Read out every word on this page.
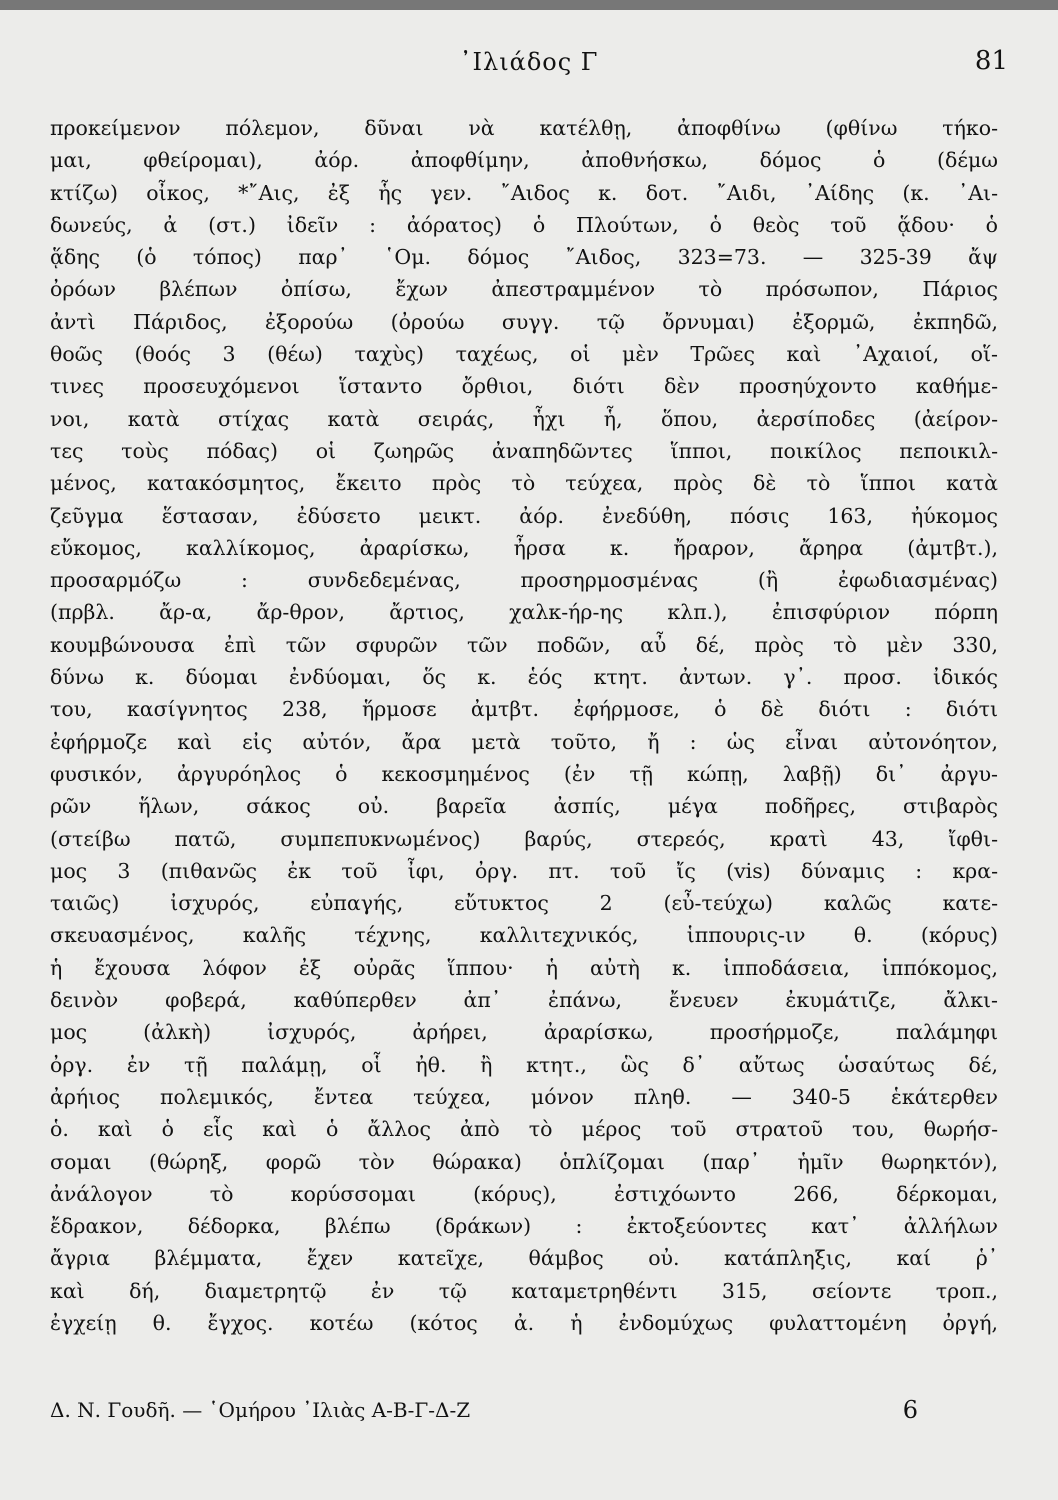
᾿Ιλιάδος Γ	81
προκείμενον πόλεμον, δῦναι νὰ κατέλθῃ, ἀποφθίνω (φθίνω τήκο-
μαι, φθείρομαι), ἀόρ. ἀποφθίμην, ἀποθνήσκω, δόμος ὁ (δέμω
κτίζω) οἶκος, *῎Αις, ἐξ ἧς γεν. ῎Αιδος κ. δοτ. ῎Αιδι, ᾿Αίδης (κ. ᾿Αι-
δωνεύς, ἀ (στ.) ἰδεῖν : ἀόρατος) ὁ Πλούτων, ὁ θεὸς τοῦ ᾅδου· ὁ
ᾅδης (ὁ τόπος) παρ᾿ ῾Ομ. δόμος ῎Αιδος, 323=73. — 325-39 ἄψ
ὀρόων βλέπων ὀπίσω, ἔχων ἀπεστραμμένον τὸ πρόσωπον, Πάριος
ἀντὶ Πάριδος, ἐξορούω (ὀρούω συγγ. τῷ ὄρνυμαι) ἐξορμῶ, ἐκπηδῶ,
θοῶς (θοός 3 (θέω) ταχὺς) ταχέως, οἱ μὲν Τρῶες καὶ ᾿Αχαιοί, οἵ-
τινες προσευχόμενοι ἵσταντο ὄρθιοι, διότι δὲν προσηύχοντο καθήμε-
νοι, κατὰ στίχας κατὰ σειράς, ἧχι ἧ, ὅπου, ἀερσίποδες (ἀείρον-
τες τοὺς πόδας) οἱ ζωηρῶς ἀναπηδῶντες ἵπποι, ποικίλος πεποικιλ-
μένος, κατακόσμητος, ἔκειτο πρὸς τὸ τεύχεα, πρὸς δὲ τὸ ἵπποι κατὰ
ζεῦγμα ἕστασαν, ἐδύσετο μεικτ. ἀόρ. ἐνεδύθη, πόσις 163, ἠύκομος
εὔκομος, καλλίκομος, ἀραρίσκω, ἦρσα κ. ἤραρον, ἄρηρα (ἀμτβτ.),
προσαρμόζω : συνδεδεμένας, προσηρμοσμένας (ἢ ἐφωδιασμένας)
(πρβλ. ἄρ-α, ἄρ-θρον, ἄρτιος, χαλκ-ήρ-ης κλπ.), ἐπισφύριον πόρπη
κουμβώνουσα ἐπὶ τῶν σφυρῶν τῶν ποδῶν, αὖ δέ, πρὸς τὸ μὲν 330,
δύνω κ. δύομαι ἐνδύομαι, ὅς κ. ἑός κτητ. ἀντων. γ᾿. προσ. ἰδικός
του, κασίγνητος 238, ἥρμοσε ἀμτβτ. ἐφήρμοσε, ὁ δὲ διότι : διότι
ἐφήρμοζε καὶ εἰς αὐτόν, ἄρα μετὰ τοῦτο, ἤ : ὡς εἶναι αὐτονόητον,
φυσικόν, ἀργυρόηλος ὁ κεκοσμημένος (ἐν τῇ κώπῃ, λαβῇ) δι᾿ ἀργυ-
ρῶν ἥλων, σάκος οὐ. βαρεῖα ἀσπίς, μέγα ποδῆρες, στιβαρὸς
(στείβω πατῶ, συμπεπυκνωμένος) βαρύς, στερεός, κρατὶ 43, ἴφθι-
μος 3 (πιθανῶς ἐκ τοῦ ἶφι, ὀργ. πτ. τοῦ ἴς (vis) δύναμις : κρα-
ταιῶς) ἰσχυρός, εὐπαγής, εὔτυκτος 2 (εὖ-τεύχω) καλῶς κατε-
σκευασμένος, καλῆς τέχνης, καλλιτεχνικός, ἱππουρις-ιν θ. (κόρυς)
ἡ ἔχουσα λόφον ἐξ οὐρᾶς ἵππου· ἡ αὐτὴ κ. ἱπποδάσεια, ἱππόκομος,
δεινὸν φοβερά, καθύπερθεν ἀπ᾿ ἐπάνω, ἔνευεν ἐκυμάτιζε, ἄλκι-
μος (ἀλκὴ) ἰσχυρός, ἀρήρει, ἀραρίσκω, προσήρμοζε, παλάμηφι
ὀργ. ἐν τῇ παλάμῃ, οἷ ἠθ. ἢ κτητ., ὣς δ᾿ αὔτως ὡσαύτως δέ,
ἀρήιος πολεμικός, ἔντεα τεύχεα, μόνον πληθ. — 340-5 ἑκάτερθεν
ὁ. καὶ ὁ εἷς καὶ ὁ ἄλλος ἀπὸ τὸ μέρος τοῦ στρατοῦ του, θωρήσ-
σομαι (θώρηξ, φορῶ τὸν θώρακα) ὁπλίζομαι (παρ᾿ ἡμῖν θωρηκτόν),
ἀνάλογον τὸ κορύσσομαι (κόρυς), ἐστιχόωντο 266, δέρκομαι,
ἔδρακον, δέδορκα, βλέπω (δράκων) : ἐκτοξεύοντες κατ᾿ ἀλλήλων
ἄγρια βλέμματα, ἔχεν κατεῖχε, θάμβος οὐ. κατάπληξις, καί ῥ᾿
καὶ δή, διαμετρητῷ ἐν τῷ καταμετρηθέντι 315, σείοντε τροπ.,
ἐγχείῃ θ. ἔγχος. κοτέω (κότος ἀ. ἡ ἐνδομύχως φυλαττομένη ὀργή,
Δ. Ν. Γουδῆ. — ῾Ομήρου ᾿Ιλιὰς Α-Β-Γ-Δ-Ζ	6
